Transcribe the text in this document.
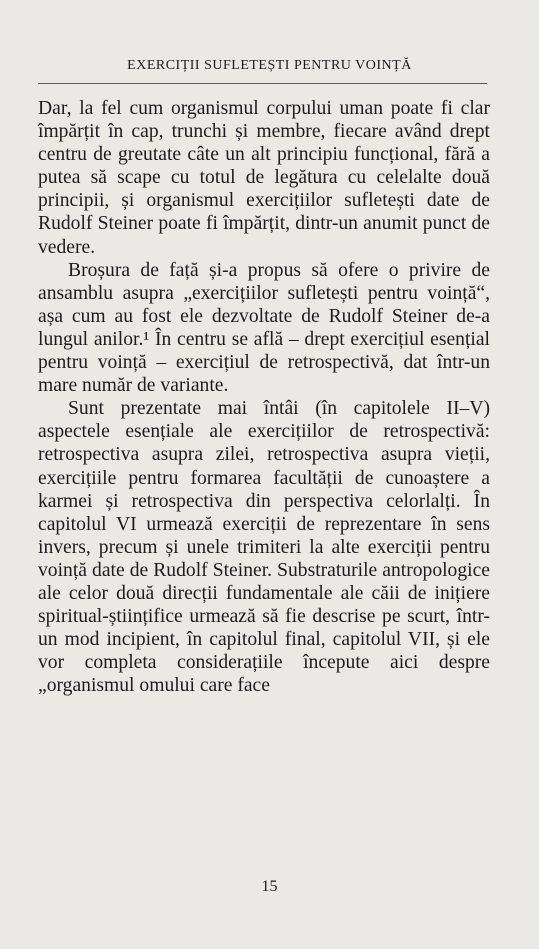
EXERCIȚII SUFLETEȘTI PENTRU VOINȚĂ

Dar, la fel cum organismul corpului uman poate fi clar împărțit în cap, trunchi și membre, fiecare având drept centru de greutate câte un alt principiu funcțional, fără a putea să scape cu totul de legătura cu celelalte două principii, și organismul exercițiilor sufletești date de Rudolf Steiner poate fi împărțit, dintr-un anumit punct de vedere.

Broșura de față și-a propus să ofere o privire de ansamblu asupra „exercițiilor sufletești pentru voință“, așa cum au fost ele dezvoltate de Rudolf Steiner de-a lungul anilor.¹ În centru se află – drept exercițiul esențial pentru voință – exercițiul de retrospectivă, dat într-un mare număr de variante.

Sunt prezentate mai întâi (în capitolele II–V) aspectele esențiale ale exercițiilor de retrospectivă: retrospectiva asupra zilei, retrospectiva asupra vieții, exercițiile pentru formarea facultății de cunoaștere a karmei și retrospectiva din perspectiva celorlalți. În capitolul VI urmează exerciții de reprezentare în sens invers, precum și unele trimiteri la alte exerciții pentru voință date de Rudolf Steiner. Substraturile antropologice ale celor două direcții fundamentale ale căii de inițiere spiritual-științifice urmează să fie descrise pe scurt, într-un mod incipient, în capitolul final, capitolul VII, și ele vor completa considerațiile începute aici despre „organismul omului care face

15
